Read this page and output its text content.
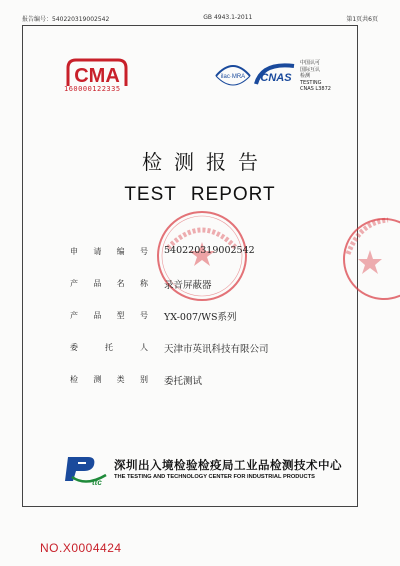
报告编号：540220319002542	GB 4943.1-2011	第1页共6页
CMA
160000122335
ilac·MRA CNAS
中国认可
国际互认
检测
TESTING
CNAS L3872
检测报告
TEST REPORT
申 请 编 号 540220319002542
产 品 名 称 录音屏蔽器
产 品 型 号 YX-007/WS系列
委	托	人 天津市英讯科技有限公司
检 测 类 别 委托测试
ttc
深圳出入境检验检疫局工业品检测技术中心
THE TESTING AND TECHNOLOGY CENTER FOR INDUSTRIAL PRODUCTS
NO.X0004424
